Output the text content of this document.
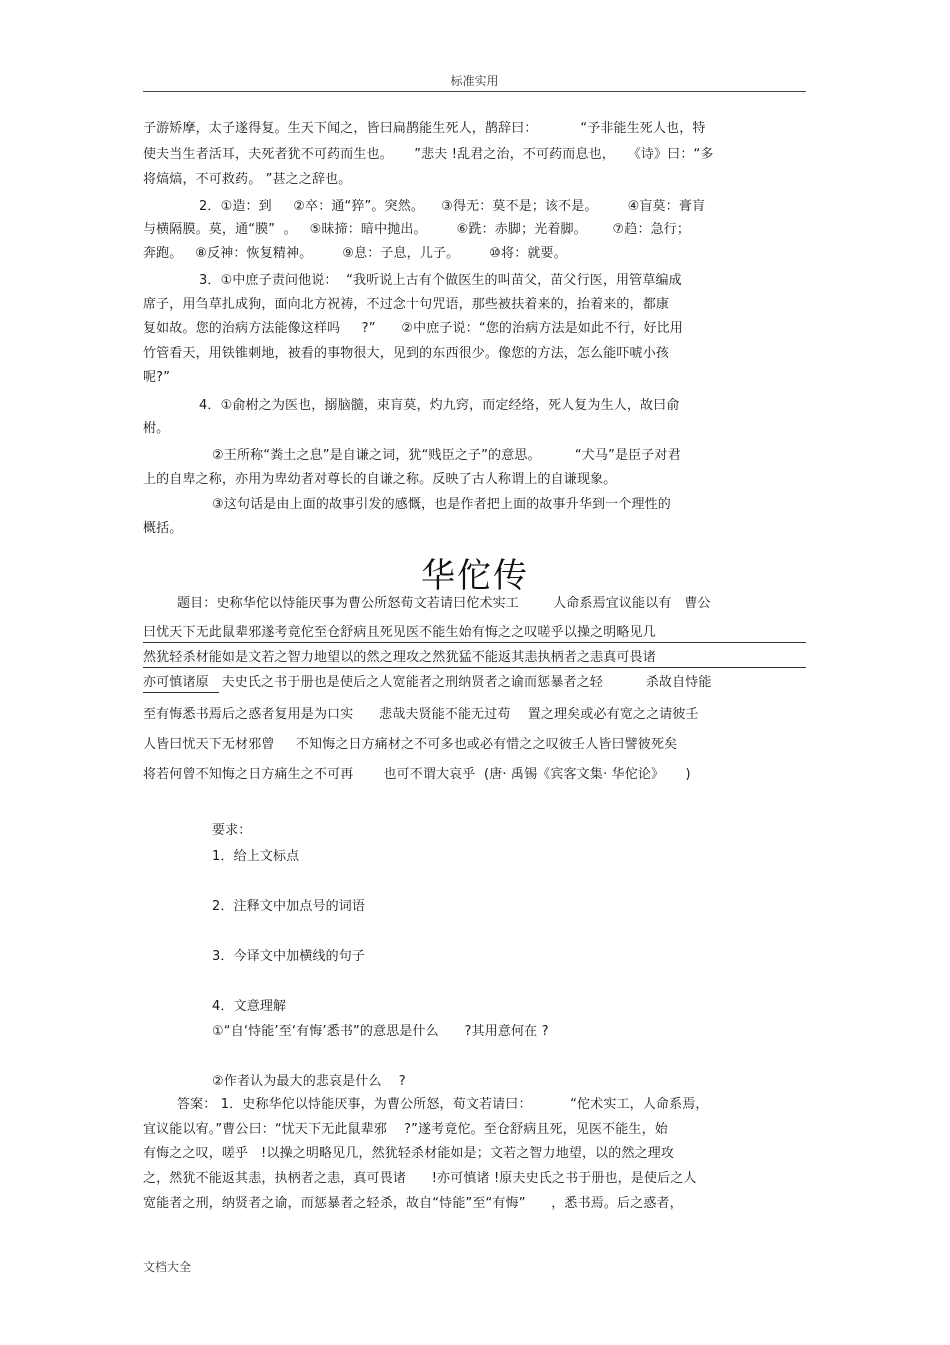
标准实用
子游矫摩，太子遂得复。生天下闻之，皆曰扁鹊能生死人，鹊辞曰：          “予非能生死人也，特
使夫当生者活耳，夫死者犹不可药而生也。     ”悲夫 !乱君之治，不可药而息也，   《诗》曰：“多
将熇熇，不可救药。 ”甚之之辞也。
2．①造：到     ②卒：通“猝”。突然。    ③得无：莫不是；该不是。       ④盲莫：膏肓
与横隔膜。莫，通“膜”  。   ⑤昧揥：暗中抛出。       ⑥跣：赤脚；光着脚。      ⑦趋：急行；
奔跑。   ⑧反神：恢复精神。       ⑨息：子息，儿子。       ⑩将：就要。
3．①中庶子责问他说：  “我听说上古有个做医生的叫苗父，苗父行医，用管草编成
席子，用刍草扎成狗，面向北方祝祷，不过念十句咒语，那些被扶着来的，抬着来的，都康
复如故。您的治病方法能像这样吗     ?”      ②中庶子说：“您的治病方法是如此不行，好比用
竹管看天，用铁锥刺地，被看的事物很大，见到的东西很少。像您的方法，怎么能吓唬小孩
呢?”
4．①俞柎之为医也，搦脑髓，束肓莫，灼九窍，而定经络，死人复为生人，故曰俞
柎。
②王所称“粪土之息”是自谦之词，犹“贱臣之子”的意思。        “犬马”是臣子对君
上的自卑之称，亦用为卑幼者对尊长的自谦之称。反映了古人称谓上的自谦现象。
③这句话是由上面的故事引发的感慨，也是作者把上面的故事升华到一个理性的
概括。
华佗传
题目：史称华佗以恃能厌事为曹公所怒荀文若请曰佗术实工        人命系焉宜议能以有   曹公
曰忧天下无此鼠辈邪遂考竟佗至仓舒病且死见医不能生始有悔之之叹嗟乎以操之明略见几
然犹轻杀材能如是文若之智力地望以的然之理攻之然犹猛不能返其恚执柄者之恚真可畏诸
亦可慎诸原   夫史氏之书于册也是使后之人宽能者之刑纳贤者之谕而惩暴者之轻          杀故自恃能
至有悔悉书焉后之惑者复用是为口实      悲哉夫贤能不能无过苟    置之理矣或必有宽之之请彼壬
人皆曰忧天下无材邪曾     不知悔之日方痛材之不可多也或必有惜之之叹彼壬人皆曰譬彼死矣
将若何曾不知悔之日方痛生之不可再       也可不谓大哀乎  (唐· 禹锡《宾客文集· 华佗论》     )
要求：
1．给上文标点
2．注释文中加点号的词语
3．今译文中加横线的句子
4．文意理解
①“自‘恃能’至‘有悔’悉书”的意思是什么      ?其用意何在 ?
②作者认为最大的悲哀是什么    ?
答案： 1．史称华佗以恃能厌事，为曹公所怒，荀文若请曰：         “佗术实工，人命系焉，
宜议能以宥。”曹公曰：“忧天下无此鼠辈邪    ?”遂考竟佗。至仓舒病且死，见医不能生，始
有悔之之叹，嗟乎   !以操之明略见几，然犹轻杀材能如是；文若之智力地望，以的然之理攻
之，然犹不能返其恚，执柄者之恚，真可畏诸      !亦可慎诸 !原夫史氏之书于册也，是使后之人
宽能者之刑，纳贤者之谕，而惩暴者之轻杀，故自“恃能”至“有悔”      ，悉书焉。后之惑者，
文档大全
